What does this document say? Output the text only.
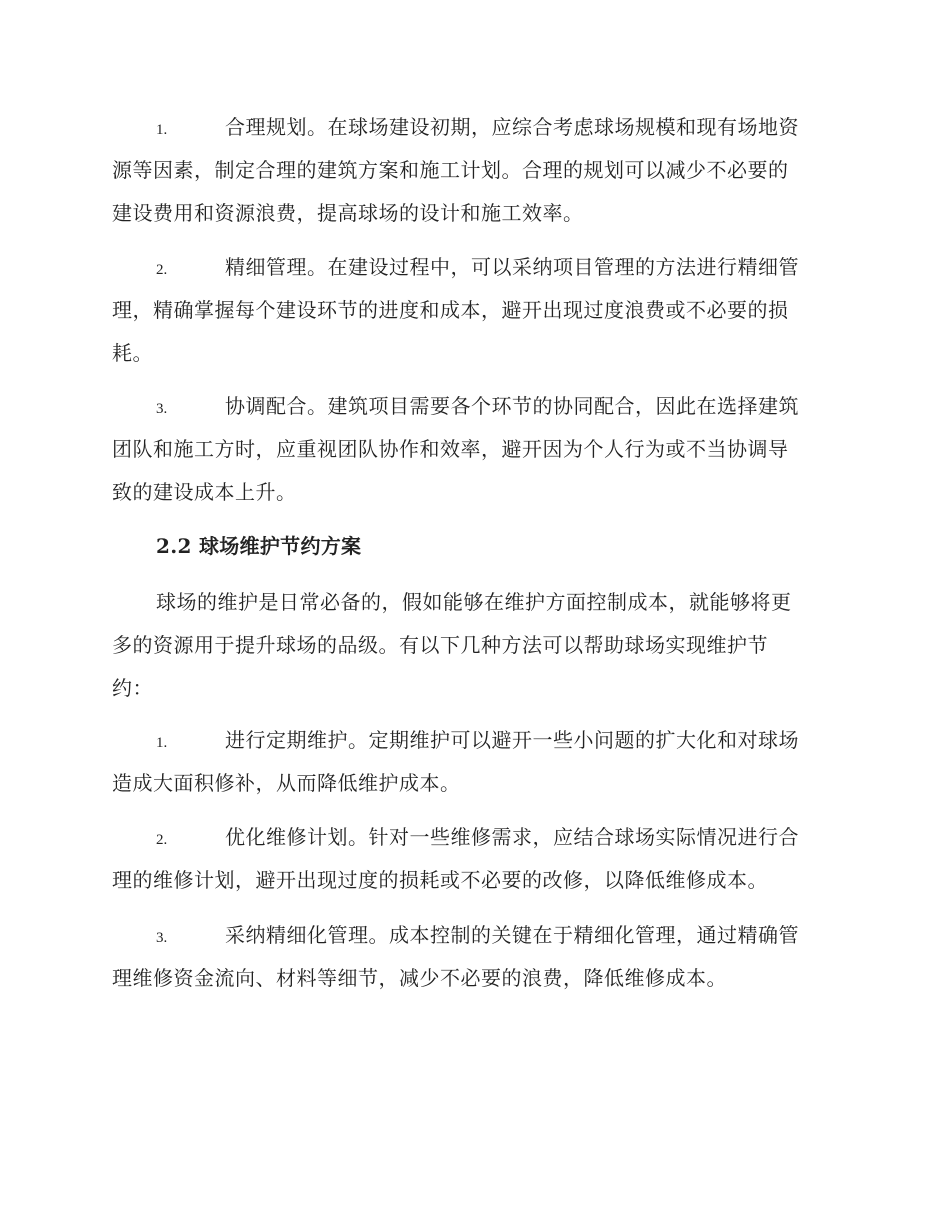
1.	合理规划。在球场建设初期，应综合考虑球场规模和现有场地资
源等因素，制定合理的建筑方案和施工计划。合理的规划可以减少不必要的
建设费用和资源浪费，提高球场的设计和施工效率。
2.	精细管理。在建设过程中，可以采纳项目管理的方法进行精细管
理，精确掌握每个建设环节的进度和成本，避开出现过度浪费或不必要的损
耗。
3.	协调配合。建筑项目需要各个环节的协同配合，因此在选择建筑
团队和施工方时，应重视团队协作和效率，避开因为个人行为或不当协调导
致的建设成本上升。
2.2 球场维护节约方案
球场的维护是日常必备的，假如能够在维护方面控制成本，就能够将更
多的资源用于提升球场的品级。有以下几种方法可以帮助球场实现维护节
约：
1.	进行定期维护。定期维护可以避开一些小问题的扩大化和对球场
造成大面积修补，从而降低维护成本。
2.	优化维修计划。针对一些维修需求，应结合球场实际情况进行合
理的维修计划，避开出现过度的损耗或不必要的改修，以降低维修成本。
3.	采纳精细化管理。成本控制的关键在于精细化管理，通过精确管
理维修资金流向、材料等细节，减少不必要的浪费，降低维修成本。
